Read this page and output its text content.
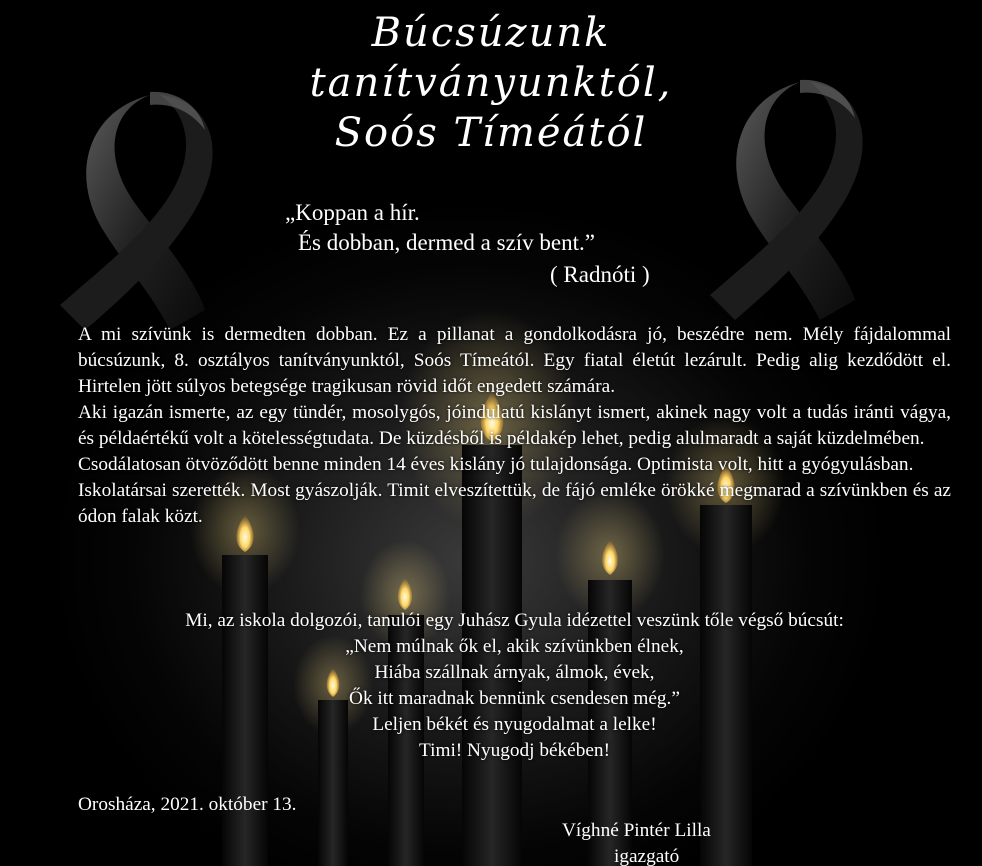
Búcsúzunk
tanítványunktól,
Soós Tíméától
„Koppan a hír.
És dobban, dermed a szív bent.”
( Radnóti )

A mi szívünk is dermedten dobban. Ez a pillanat a gondolkodásra jó, beszédre nem. Mély fájdalommal búcsúzunk, 8. osztályos tanítványunktól, Soós Tímeától. Egy fiatal életút lezárult. Pedig alig kezdődött el. Hirtelen jött súlyos betegsége tragikusan rövid időt engedett számára.

Aki igazán ismerte, az egy tündér, mosolygós, jóindulatú kislányt ismert, akinek nagy volt a tudás iránti vágya, és példaértékű volt a kötelességtudata. De küzdésből is példakép lehet, pedig alulmaradt a saját küzdelmében.

Csodálatosan ötvöződött benne minden 14 éves kislány jó tulajdonsága. Optimista volt, hitt a gyógyulásban.

Iskolatársai szerették. Most gyászolják. Timit elveszítettük, de fájó emléke örökké megmarad a szívünkben és az ódon falak közt.

Mi, az iskola dolgozói, tanulói egy Juhász Gyula idézettel veszünk tőle végső búcsút:
„Nem múlnak ők el, akik szívünkben élnek,
Hiába szállnak árnyak, álmok, évek,
Ők itt maradnak bennünk csendesen még.”
Leljen békét és nyugodalmat a lelke!
Timi! Nyugodj békében!
Orosháza, 2021. október 13.
Víghné Pintér Lilla
igazgató
